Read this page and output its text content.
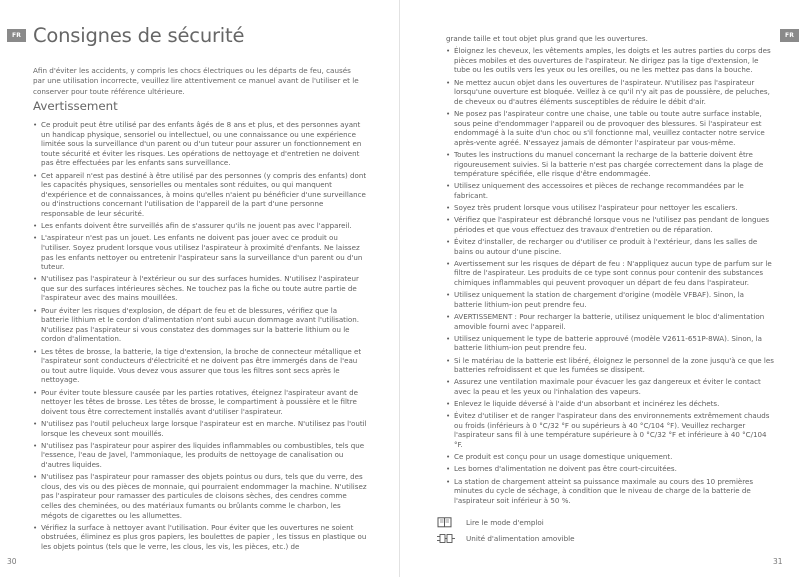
FR Consignes de sécurité

Afin d'éviter les accidents, y compris les chocs électriques ou les départs de feu, causés par une utilisation incorrecte, veuillez lire attentivement ce manuel avant de l'utiliser et le conserver pour toute référence ultérieure.

Avertissement
• Ce produit peut être utilisé par des enfants âgés de 8 ans et plus, et des personnes ayant un handicap physique, sensoriel ou intellectuel, ou une connaissance ou une expérience limitée sous la surveillance d'un parent ou d'un tuteur pour assurer un fonctionnement en toute sécurité et éviter les risques. Les opérations de nettoyage et d'entretien ne doivent pas être effectuées par les enfants sans surveillance.
• Cet appareil n'est pas destiné à être utilisé par des personnes (y compris des enfants) dont les capacités physiques, sensorielles ou mentales sont réduites, ou qui manquent d'expérience et de connaissances, à moins qu'elles n'aient pu bénéficier d'une surveillance ou d'instructions concernant l'utilisation de l'appareil de la part d'une personne responsable de leur sécurité.
• Les enfants doivent être surveillés afin de s'assurer qu'ils ne jouent pas avec l'appareil.
• L'aspirateur n'est pas un jouet. Les enfants ne doivent pas jouer avec ce produit ou l'utiliser. Soyez prudent lorsque vous utilisez l'aspirateur à proximité d'enfants. Ne laissez pas les enfants nettoyer ou entretenir l'aspirateur sans la surveillance d'un parent ou d'un tuteur.
• N'utilisez pas l'aspirateur à l'extérieur ou sur des surfaces humides. N'utilisez l'aspirateur que sur des surfaces intérieures sèches. Ne touchez pas la fiche ou toute autre partie de l'aspirateur avec des mains mouillées.
• Pour éviter les risques d'explosion, de départ de feu et de blessures, vérifiez que la batterie lithium et le cordon d'alimentation n'ont subi aucun dommage avant l'utilisation. N'utilisez pas l'aspirateur si vous constatez des dommages sur la batterie lithium ou le cordon d'alimentation.
• Les têtes de brosse, la batterie, la tige d'extension, la broche de connecteur métallique et l'aspirateur sont conducteurs d'électricité et ne doivent pas être immergés dans de l'eau ou tout autre liquide. Vous devez vous assurer que tous les filtres sont secs après le nettoyage.
• Pour éviter toute blessure causée par les parties rotatives, éteignez l'aspirateur avant de nettoyer les têtes de brosse. Les têtes de brosse, le compartiment à poussière et le filtre doivent tous être correctement installés avant d'utiliser l'aspirateur.
• N'utilisez pas l'outil pelucheux large lorsque l'aspirateur est en marche. N'utilisez pas l'outil lorsque les cheveux sont mouillés.
• N'utilisez pas l'aspirateur pour aspirer des liquides inflammables ou combustibles, tels que l'essence, l'eau de Javel, l'ammoniaque, les produits de nettoyage de canalisation ou d'autres liquides.
• N'utilisez pas l'aspirateur pour ramasser des objets pointus ou durs, tels que du verre, des clous, des vis ou des pièces de monnaie, qui pourraient endommager la machine. N'utilisez pas l'aspirateur pour ramasser des particules de cloisons sèches, des cendres comme celles des cheminées, ou des matériaux fumants ou brûlants comme le charbon, les mégots de cigarettes ou les allumettes.
• Vérifiez la surface à nettoyer avant l'utilisation. Pour éviter que les ouvertures ne soient obstruées, éliminez es plus gros papiers, les boulettes de papier , les tissus en plastique ou les objets pointus (tels que le verre, les clous, les vis, les pièces, etc.) de
30
FR
grande taille et tout objet plus grand que les ouvertures.
• Éloignez les cheveux, les vêtements amples, les doigts et les autres parties du corps des pièces mobiles et des ouvertures de l'aspirateur. Ne dirigez pas la tige d'extension, le tube ou les outils vers les yeux ou les oreilles, ou ne les mettez pas dans la bouche.
• Ne mettez aucun objet dans les ouvertures de l'aspirateur. N'utilisez pas l'aspirateur lorsqu'une ouverture est bloquée. Veillez à ce qu'il n'y ait pas de poussière, de peluches, de cheveux ou d'autres éléments susceptibles de réduire le débit d'air.
• Ne posez pas l'aspirateur contre une chaise, une table ou toute autre surface instable, sous peine d'endommager l'appareil ou de provoquer des blessures. Si l'aspirateur est endommagé à la suite d'un choc ou s'il fonctionne mal, veuillez contacter notre service après-vente agréé. N'essayez jamais de démonter l'aspirateur par vous-même.
• Toutes les instructions du manuel concernant la recharge de la batterie doivent être rigoureusement suivies. Si la batterie n'est pas chargée correctement dans la plage de température spécifiée, elle risque d'être endommagée.
• Utilisez uniquement des accessoires et pièces de rechange recommandées par le fabricant.
• Soyez très prudent lorsque vous utilisez l'aspirateur pour nettoyer les escaliers.
• Vérifiez que l'aspirateur est débranché lorsque vous ne l'utilisez pas pendant de longues périodes et que vous effectuez des travaux d'entretien ou de réparation.
• Évitez d'installer, de recharger ou d'utiliser ce produit à l'extérieur, dans les salles de bains ou autour d'une piscine.
• Avertissement sur les risques de départ de feu : N'appliquez aucun type de parfum sur le filtre de l'aspirateur. Les produits de ce type sont connus pour contenir des substances chimiques inflammables qui peuvent provoquer un départ de feu dans l'aspirateur.
• Utilisez uniquement la station de chargement d'origine (modèle VFBAF). Sinon, la batterie lithium-ion peut prendre feu.
• AVERTISSEMENT : Pour recharger la batterie, utilisez uniquement le bloc d'alimentation amovible fourni avec l'appareil.
• Utilisez uniquement le type de batterie approuvé (modèle V2611-651P-8WA). Sinon, la batterie lithium-ion peut prendre feu.
• Si le matériau de la batterie est libéré, éloignez le personnel de la zone jusqu'à ce que les batteries refroidissent et que les fumées se dissipent.
• Assurez une ventilation maximale pour évacuer les gaz dangereux et éviter le contact avec la peau et les yeux ou l'inhalation des vapeurs.
• Enlevez le liquide déversé à l'aide d'un absorbant et incinérez les déchets.
• Évitez d'utiliser et de ranger l'aspirateur dans des environnements extrêmement chauds ou froids (inférieurs à 0 °C/32 °F ou supérieurs à 40 °C/104 °F). Veuillez recharger l'aspirateur sans fil à une température supérieure à 0 °C/32 °F et inférieure à 40 °C/104 °F.
• Ce produit est conçu pour un usage domestique uniquement.
• Les bornes d'alimentation ne doivent pas être court-circuitées.
• La station de chargement atteint sa puissance maximale au cours des 10 premières minutes du cycle de séchage, à condition que le niveau de charge de la batterie de l'aspirateur soit inférieur à 50 %.
Lire le mode d'emploi
Unité d'alimentation amovible
31
